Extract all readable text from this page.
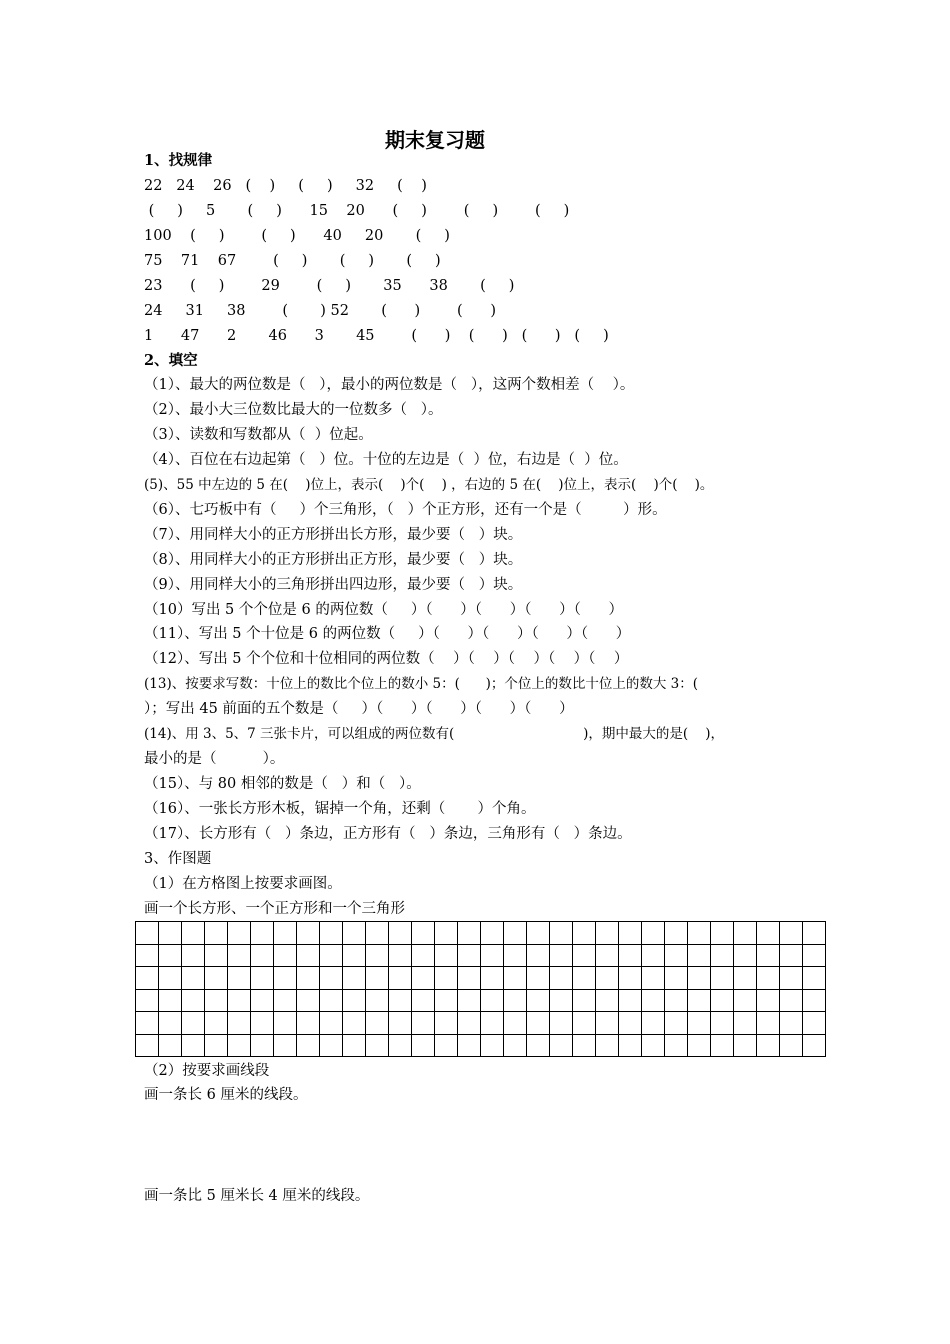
期末复习题
1、找规律
22   24    26   (    )     (     )     32     (    )
(     )     5       (     )      15    20      (     )        (     )        (     )
100    (     )        (     )      40     20       (     )
75    71    67        (     )       (     )       (     )
23      (     )        29        (     )       35      38       (     )
24     31     38        (       ) 52       (      )        (      )
1      47      2       46      3       45        (      )    (      )   (      )   (     )
2、填空
（1）、最大的两位数是（   ），最小的两位数是（   ），这两个数相差（    ）。
（2）、最小大三位数比最大的一位数多（   ）。
（3）、读数和写数都从（  ）位起。
（4）、百位在右边起第（   ）位。十位的左边是（  ）位，右边是（  ）位。
(5)、55 中左边的 5 在(    )位上，表示(    )个(    ) ，右边的 5 在(    )位上，表示(    )个(    )。
（6）、七巧板中有（     ）个三角形，（   ）个正方形，还有一个是（         ）形。
（7）、用同样大小的正方形拼出长方形，最少要（   ）块。
（8）、用同样大小的正方形拼出正方形，最少要（   ）块。
（9）、用同样大小的三角形拼出四边形，最少要（   ）块。
（10）写出 5 个个位是 6 的两位数（     ）（      ）（      ）（      ）（      ）
（11）、写出 5 个十位是 6 的两位数（     ）（      ）（      ）（      ）（      ）
（12）、写出 5 个个位和十位相同的两位数（    ）（    ）（    ）（    ）（    ）
(13)、按要求写数：十位上的数比个位上的数小 5：(      )；个位上的数比十位上的数大 3：(
）；写出 45 前面的五个数是（     ）（      ）（      ）（      ）（      ）
(14)、用 3、5、7 三张卡片，可以组成的两位数有(                              )，期中最大的是(    )，
最小的是（          ）。
（15）、与 80 相邻的数是（   ）和（   ）。
（16）、一张长方形木板，锯掉一个角，还剩（       ）个角。
（17）、长方形有（   ）条边，正方形有（   ）条边，三角形有（   ）条边。
3、作图题
（1）在方格图上按要求画图。
画一个长方形、一个正方形和一个三角形

（2）按要求画线段
画一条长 6 厘米的线段。
画一条比 5 厘米长 4 厘米的线段。
